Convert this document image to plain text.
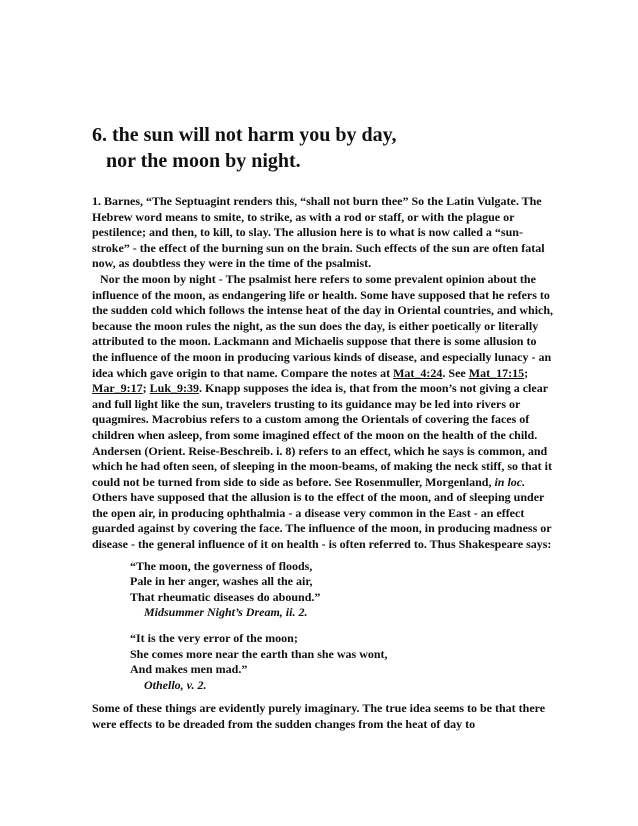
6. the sun will not harm you by day,
nor the moon by night.

1. Barnes, “The Septuagint renders this, “shall not burn thee” So the Latin Vulgate. The Hebrew word means to smite, to strike, as with a rod or staff, or with the plague or pestilence; and then, to kill, to slay. The allusion here is to what is now called a “sun-stroke” - the effect of the burning sun on the brain. Such effects of the sun are often fatal now, as doubtless they were in the time of the psalmist.

Nor the moon by night - The psalmist here refers to some prevalent opinion about the influence of the moon, as endangering life or health. Some have supposed that he refers to the sudden cold which follows the intense heat of the day in Oriental countries, and which, because the moon rules the night, as the sun does the day, is either poetically or literally attributed to the moon. Lackmann and Michaelis suppose that there is some allusion to the influence of the moon in producing various kinds of disease, and especially lunacy - an idea which gave origin to that name. Compare the notes at Mat_4:24. See Mat_17:15; Mar_9:17; Luk_9:39. Knapp supposes the idea is, that from the moon’s not giving a clear and full light like the sun, travelers trusting to its guidance may be led into rivers or quagmires. Macrobius refers to a custom among the Orientals of covering the faces of children when asleep, from some imagined effect of the moon on the health of the child. Andersen (Orient. Reise-Beschreib. i. 8) refers to an effect, which he says is common, and which he had often seen, of sleeping in the moon-beams, of making the neck stiff, so that it could not be turned from side to side as before. See Rosenmuller, Morgenland, in loc. Others have supposed that the allusion is to the effect of the moon, and of sleeping under the open air, in producing ophthalmia - a disease very common in the East - an effect guarded against by covering the face. The influence of the moon, in producing madness or disease - the general influence of it on health - is often referred to. Thus Shakespeare says:

“The moon, the governess of floods,
Pale in her anger, washes all the air,
That rheumatic diseases do abound.”
Midsummer Night’s Dream, ii. 2.
“It is the very error of the moon;
She comes more near the earth than she was wont,
And makes men mad.”
Othello, v. 2.

Some of these things are evidently purely imaginary. The true idea seems to be that there were effects to be dreaded from the sudden changes from the heat of day to
